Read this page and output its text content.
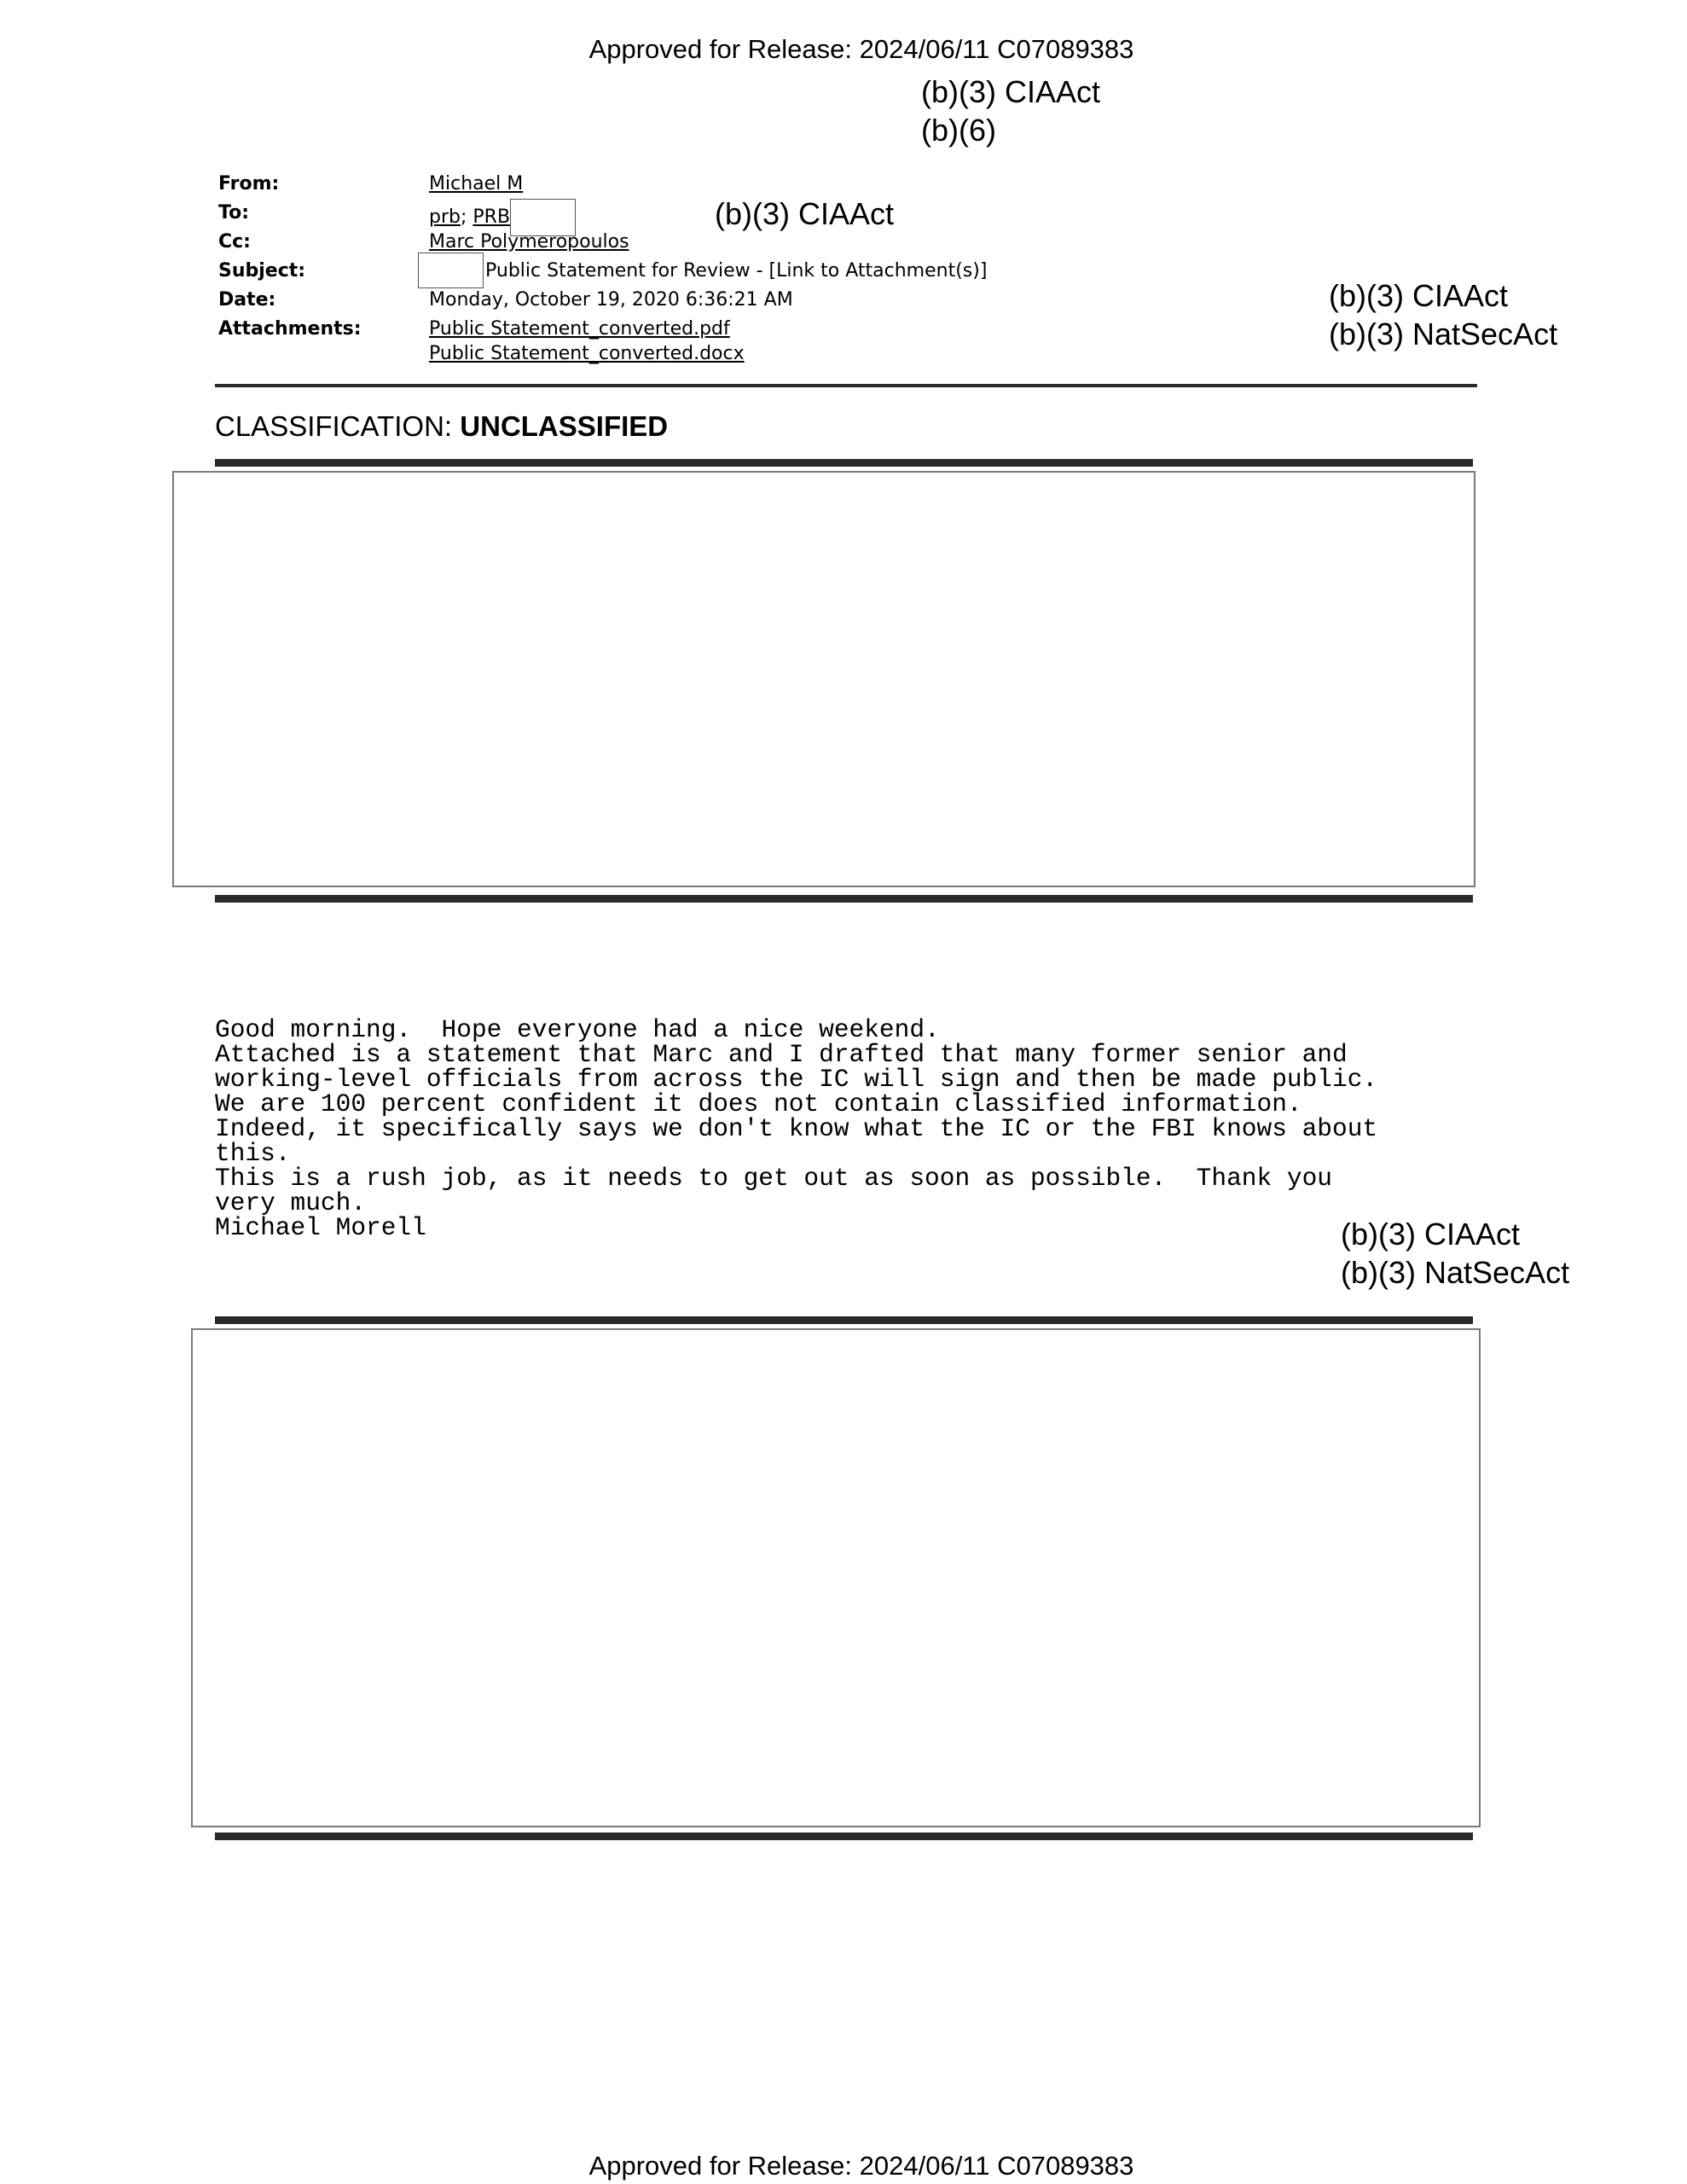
Approved for Release: 2024/06/11 C07089383
(b)(3) CIAAct
(b)(6)
From:	Michael M
To:	prb; PRB	(b)(3) CIAAct
Cc:	Marc Polymeropoulos
Subject:	Public Statement for Review - [Link to Attachment(s)]
Date:	Monday, October 19, 2020 6:36:21 AM
Attachments:	Public Statement_converted.pdf
Public Statement_converted.docx
(b)(3) CIAAct
(b)(3) NatSecAct
CLASSIFICATION: UNCLASSIFIED
Good morning.  Hope everyone had a nice weekend.
Attached is a statement that Marc and I drafted that many former senior and
working-level officials from across the IC will sign and then be made public.
We are 100 percent confident it does not contain classified information.
Indeed, it specifically says we don't know what the IC or the FBI knows about
this.
This is a rush job, as it needs to get out as soon as possible.  Thank you
very much.
Michael Morell	(b)(3) CIAAct
(b)(3) NatSecAct
Approved for Release: 2024/06/11 C07089383
